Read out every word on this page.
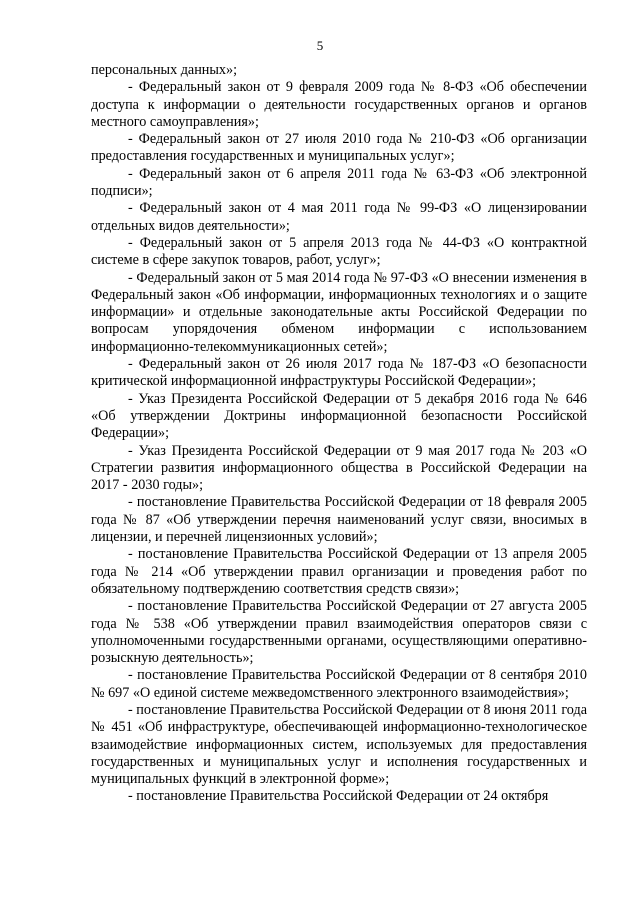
5

персональных данных»;

- Федеральный закон от 9 февраля 2009 года № 8-ФЗ «Об обеспечении доступа к информации о деятельности государственных органов и органов местного самоуправления»;

- Федеральный закон от 27 июля 2010 года № 210-ФЗ «Об организации предоставления государственных и муниципальных услуг»;

- Федеральный закон от 6 апреля 2011 года № 63-ФЗ «Об электронной подписи»;

- Федеральный закон от 4 мая 2011 года № 99-ФЗ «О лицензировании отдельных видов деятельности»;

- Федеральный закон от 5 апреля 2013 года № 44-ФЗ «О контрактной системе в сфере закупок товаров, работ, услуг»;

- Федеральный закон от 5 мая 2014 года № 97-ФЗ «О внесении изменения в Федеральный закон «Об информации, информационных технологиях и о защите информации» и отдельные законодательные акты Российской Федерации по вопросам упорядочения обменом информации с использованием информационно-телекоммуникационных сетей»;

- Федеральный закон от 26 июля 2017 года № 187-ФЗ «О безопасности критической информационной инфраструктуры Российской Федерации»;

- Указ Президента Российской Федерации от 5 декабря 2016 года № 646 «Об утверждении Доктрины информационной безопасности Российской Федерации»;

- Указ Президента Российской Федерации от 9 мая 2017 года № 203 «О Стратегии развития информационного общества в Российской Федерации на 2017 - 2030 годы»;

- постановление Правительства Российской Федерации от 18 февраля 2005 года № 87 «Об утверждении перечня наименований услуг связи, вносимых в лицензии, и перечней лицензионных условий»;

- постановление Правительства Российской Федерации от 13 апреля 2005 года № 214 «Об утверждении правил организации и проведения работ по обязательному подтверждению соответствия средств связи»;

- постановление Правительства Российской Федерации от 27 августа 2005 года № 538 «Об утверждении правил взаимодействия операторов связи с уполномоченными государственными органами, осуществляющими оперативно-розыскную деятельность»;

- постановление Правительства Российской Федерации от 8 сентября 2010 № 697 «О единой системе межведомственного электронного взаимодействия»;

- постановление Правительства Российской Федерации от 8 июня 2011 года № 451 «Об инфраструктуре, обеспечивающей информационно-технологическое взаимодействие информационных систем, используемых для предоставления государственных и муниципальных услуг и исполнения государственных и муниципальных функций в электронной форме»;

- постановление Правительства Российской Федерации от 24 октября
